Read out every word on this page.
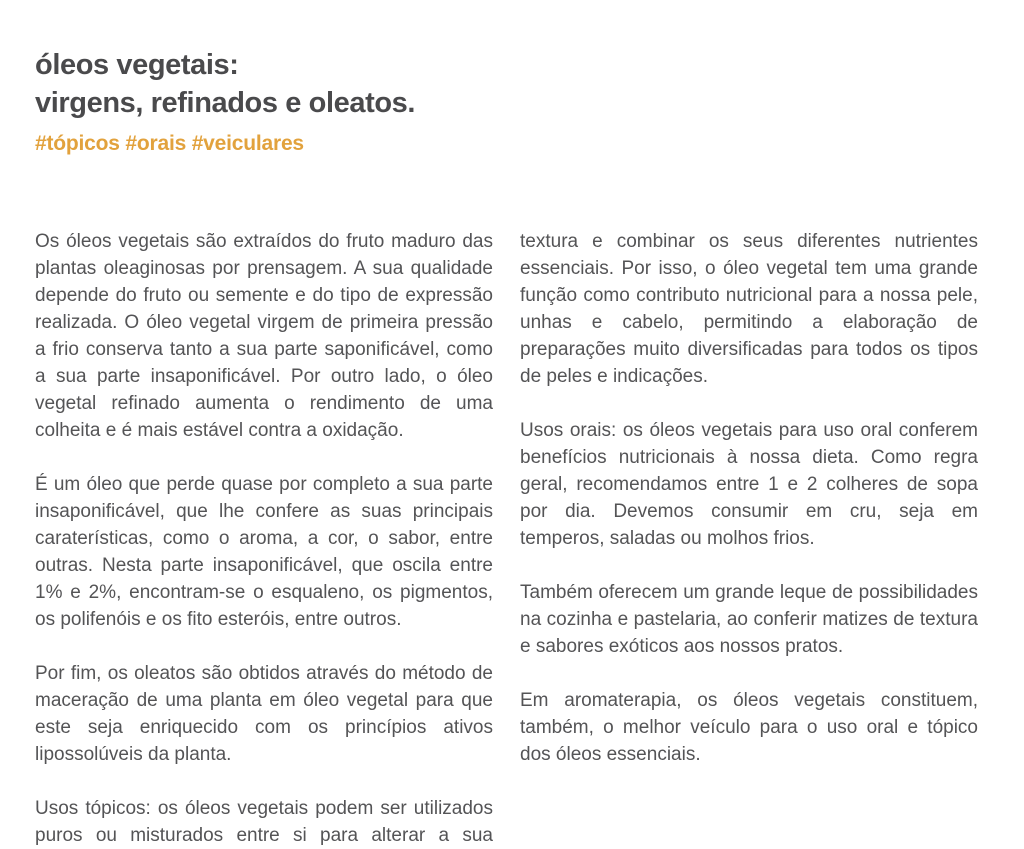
óleos vegetais:
virgens, refinados e oleatos.
#tópicos #orais #veiculares

Os óleos vegetais são extraídos do fruto maduro das plantas oleaginosas por prensagem. A sua qualidade depende do fruto ou semente e do tipo de expressão realizada. O óleo vegetal virgem de primeira pressão a frio conserva tanto a sua parte saponificável, como a sua parte insaponificável. Por outro lado, o óleo vegetal refinado aumenta o rendimento de uma colheita e é mais estável contra a oxidação.

É um óleo que perde quase por completo a sua parte insaponificável, que lhe confere as suas principais caraterísticas, como o aroma, a cor, o sabor, entre outras. Nesta parte insaponificável, que oscila entre 1% e 2%, encontram-se o esqualeno, os pigmentos, os polifenóis e os fito esteróis, entre outros.

Por fim, os oleatos são obtidos através do método de maceração de uma planta em óleo vegetal para que este seja enriquecido com os princípios ativos lipossolúveis da planta.

Usos tópicos: os óleos vegetais podem ser utilizados puros ou misturados entre si para alterar a sua

textura e combinar os seus diferentes nutrientes essenciais. Por isso, o óleo vegetal tem uma grande função como contributo nutricional para a nossa pele, unhas e cabelo, permitindo a elaboração de preparações muito diversificadas para todos os tipos de peles e indicações.

Usos orais: os óleos vegetais para uso oral conferem benefícios nutricionais à nossa dieta. Como regra geral, recomendamos entre 1 e 2 colheres de sopa por dia. Devemos consumir em cru, seja em temperos, saladas ou molhos frios.

Também oferecem um grande leque de possibilidades na cozinha e pastelaria, ao conferir matizes de textura e sabores exóticos aos nossos pratos.

Em aromaterapia, os óleos vegetais constituem, também, o melhor veículo para o uso oral e tópico dos óleos essenciais.
